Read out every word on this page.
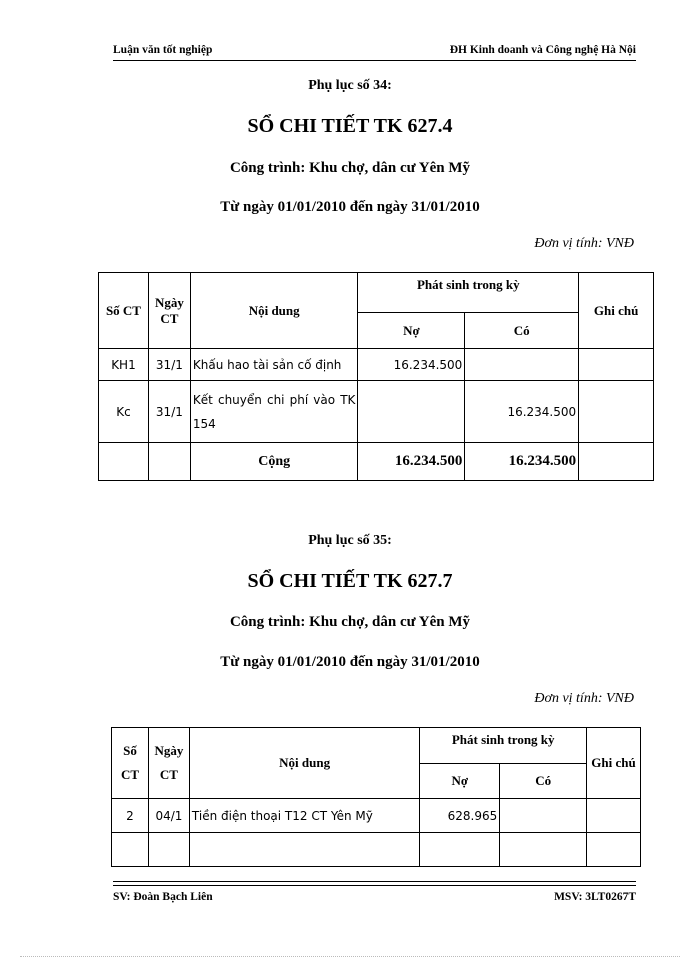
Luận văn tốt nghiệp	ĐH Kinh doanh và Công nghệ Hà Nội
Phụ lục số 34:
SỔ CHI TIẾT TK 627.4
Công trình: Khu chợ, dân cư Yên Mỹ
Từ ngày 01/01/2010 đến ngày 31/01/2010
Đơn vị tính: VNĐ
Số CT	Ngày CT	Nội dung	Phát sinh trong kỳ		Ghi chú
			Nợ	Có	
KH1	31/1	Khấu hao tài sản cố định	16.234.500		
Kc	31/1	Kết chuyển chi phí vào TK 154		16.234.500	
		Cộng	16.234.500	16.234.500	
Phụ lục số 35:
SỔ CHI TIẾT TK 627.7
Công trình: Khu chợ, dân cư Yên Mỹ
Từ ngày 01/01/2010 đến ngày 31/01/2010
Đơn vị tính: VNĐ
Số CT	Ngày CT	Nội dung	Phát sinh trong kỳ		Ghi chú
			Nợ	Có	
2	04/1	Tiền điện thoại T12 CT Yên Mỹ	628.965		

SV: Đoàn Bạch Liên	MSV: 3LT0267T
